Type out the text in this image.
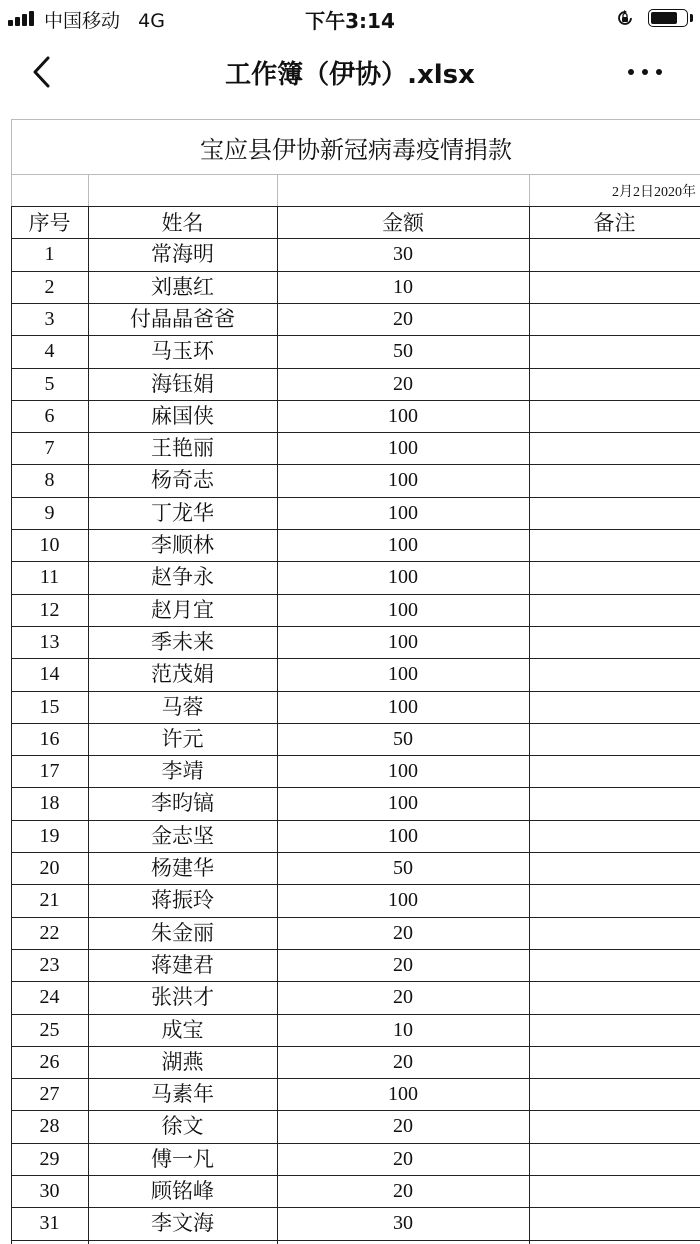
中国移动 4G	下午3:14
工作簿（伊协）.xlsx
宝应县伊协新冠病毒疫情捐款
2月2日2020年
序号	姓名	金额	备注
1	常海明	30
2	刘惠红	10
3	付晶晶爸爸	20
4	马玉环	50
5	海钰娟	20
6	麻国侠	100
7	王艳丽	100
8	杨奇志	100
9	丁龙华	100
10	李顺林	100
11	赵争永	100
12	赵月宜	100
13	季未来	100
14	范茂娟	100
15	马蓉	100
16	许元	50
17	李靖	100
18	李昀镐	100
19	金志坚	100
20	杨建华	50
21	蒋振玲	100
22	朱金丽	20
23	蒋建君	20
24	张洪才	20
25	成宝	10
26	湖燕	20
27	马素年	100
28	徐文	20
29	傅一凡	20
30	顾铭峰	20
31	李文海	30
